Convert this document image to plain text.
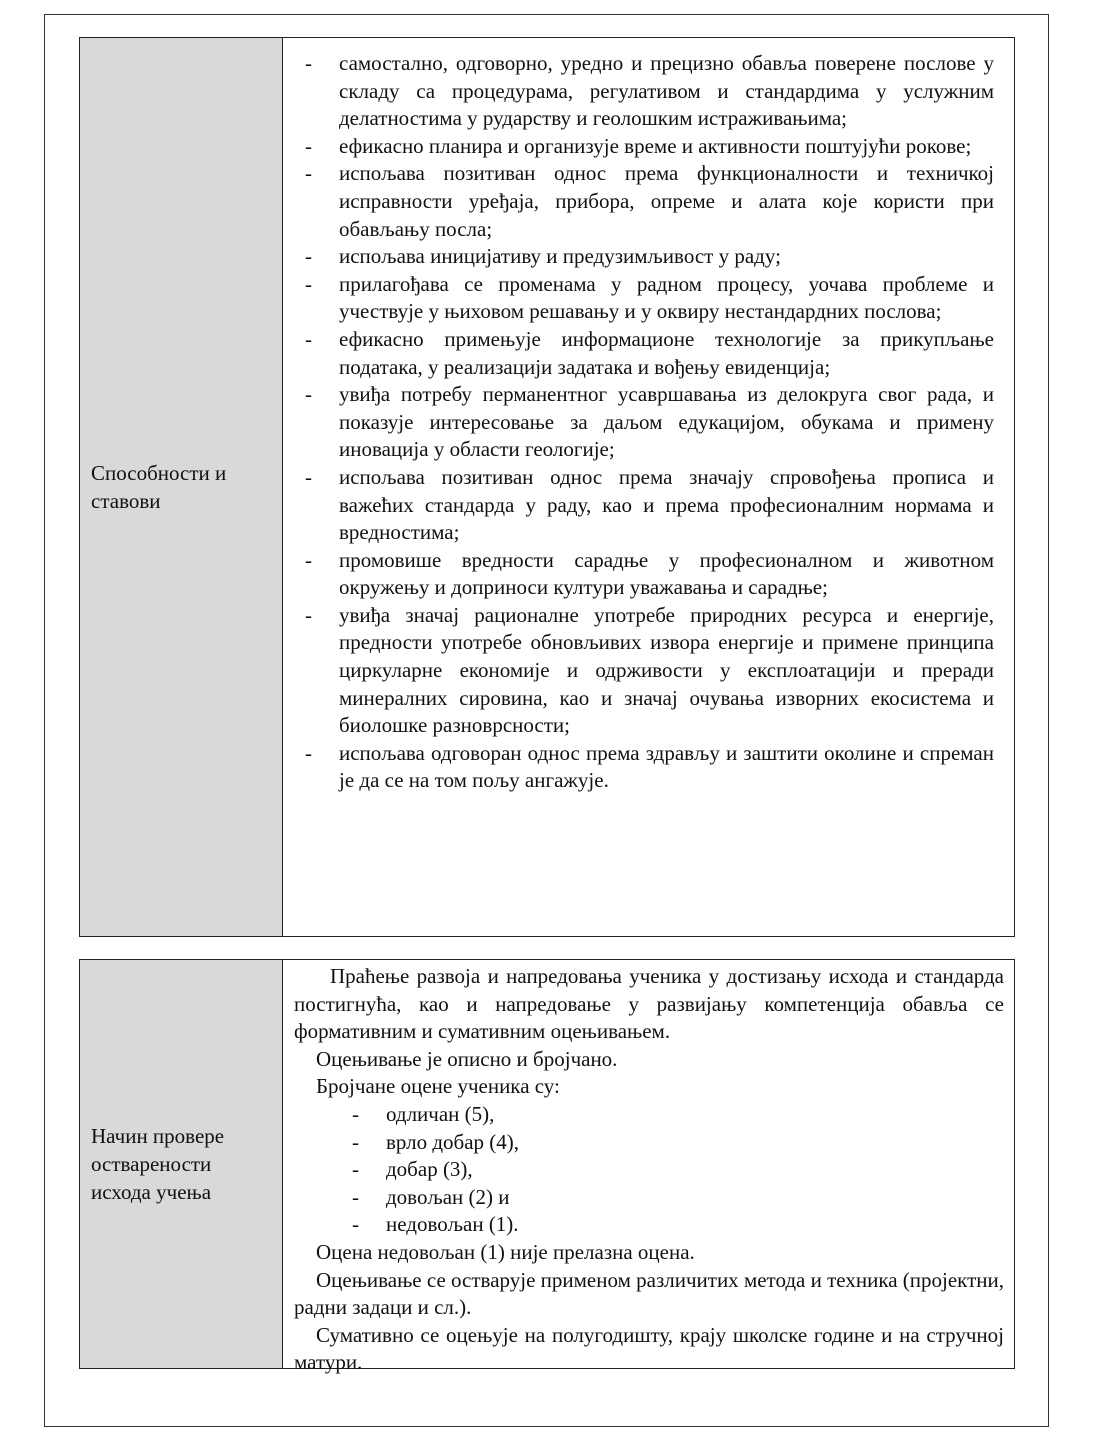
Способности и
ставови
- самостално, одговорно, уредно и прецизно обавља поверене послове у складу са процедурама, регулативом и стандардима у услужним делатностима у рударству и геолошким истраживањима;
- ефикасно планира и организује време и активности поштујући рокове;
- испољава позитиван однос према функционалности и техничкој исправности уређаја, прибора, опреме и алата које користи при обављању посла;
- испољава иницијативу и предузимљивост у раду;
- прилагођава се променама у радном процесу, уочава проблеме и учествује у њиховом решавању и у оквиру нестандардних послова;
- ефикасно примењује информационе технологије за прикупљање података, у реализацији задатака и вођењу евиденција;
- увиђа потребу перманентног усавршавања из делокруга свог рада, и показује интересовање за даљом едукацијом, обукама и примену иновација у области геологије;
- испољава позитиван однос према значају спровођења прописа и важећих стандарда у раду, као и према професионалним нормама и вредностима;
- промовише вредности сарадње у професионалном и животном окружењу и доприноси култури уважавања и сарадње;
- увиђа значај рационалне употребе природних ресурса и енергије, предности употребе обновљивих извора енергије и примене принципа циркуларне економије и одрживости у експлоатацији и преради минералних сировина, као и значај очувања изворних екосистема и биолошке разноврсности;
- испољава одговоран однос према здрављу и заштити околине и спреман је да се на том пољу ангажује.
Начин провере
остварености
исхода учења

Праћење развоја и напредовања ученика у достизању исхода и стандарда постигнућа, као и напредовање у развијању компетенција обавља се формативним и сумативним оцењивањем.

Оцењивање је описно и бројчано.

Бројчане оцене ученика су:

- одличан (5),
- врло добар (4),
- добар (3),
- довољан (2) и
- недовољан (1).

Оцена недовољан (1) није прелазна оцена.

Оцењивање се остварује применом различитих метода и техника (пројектни, радни задаци и сл.).

Сумативно се оцењује на полугодишту, крају школске године и на стручној матури.
